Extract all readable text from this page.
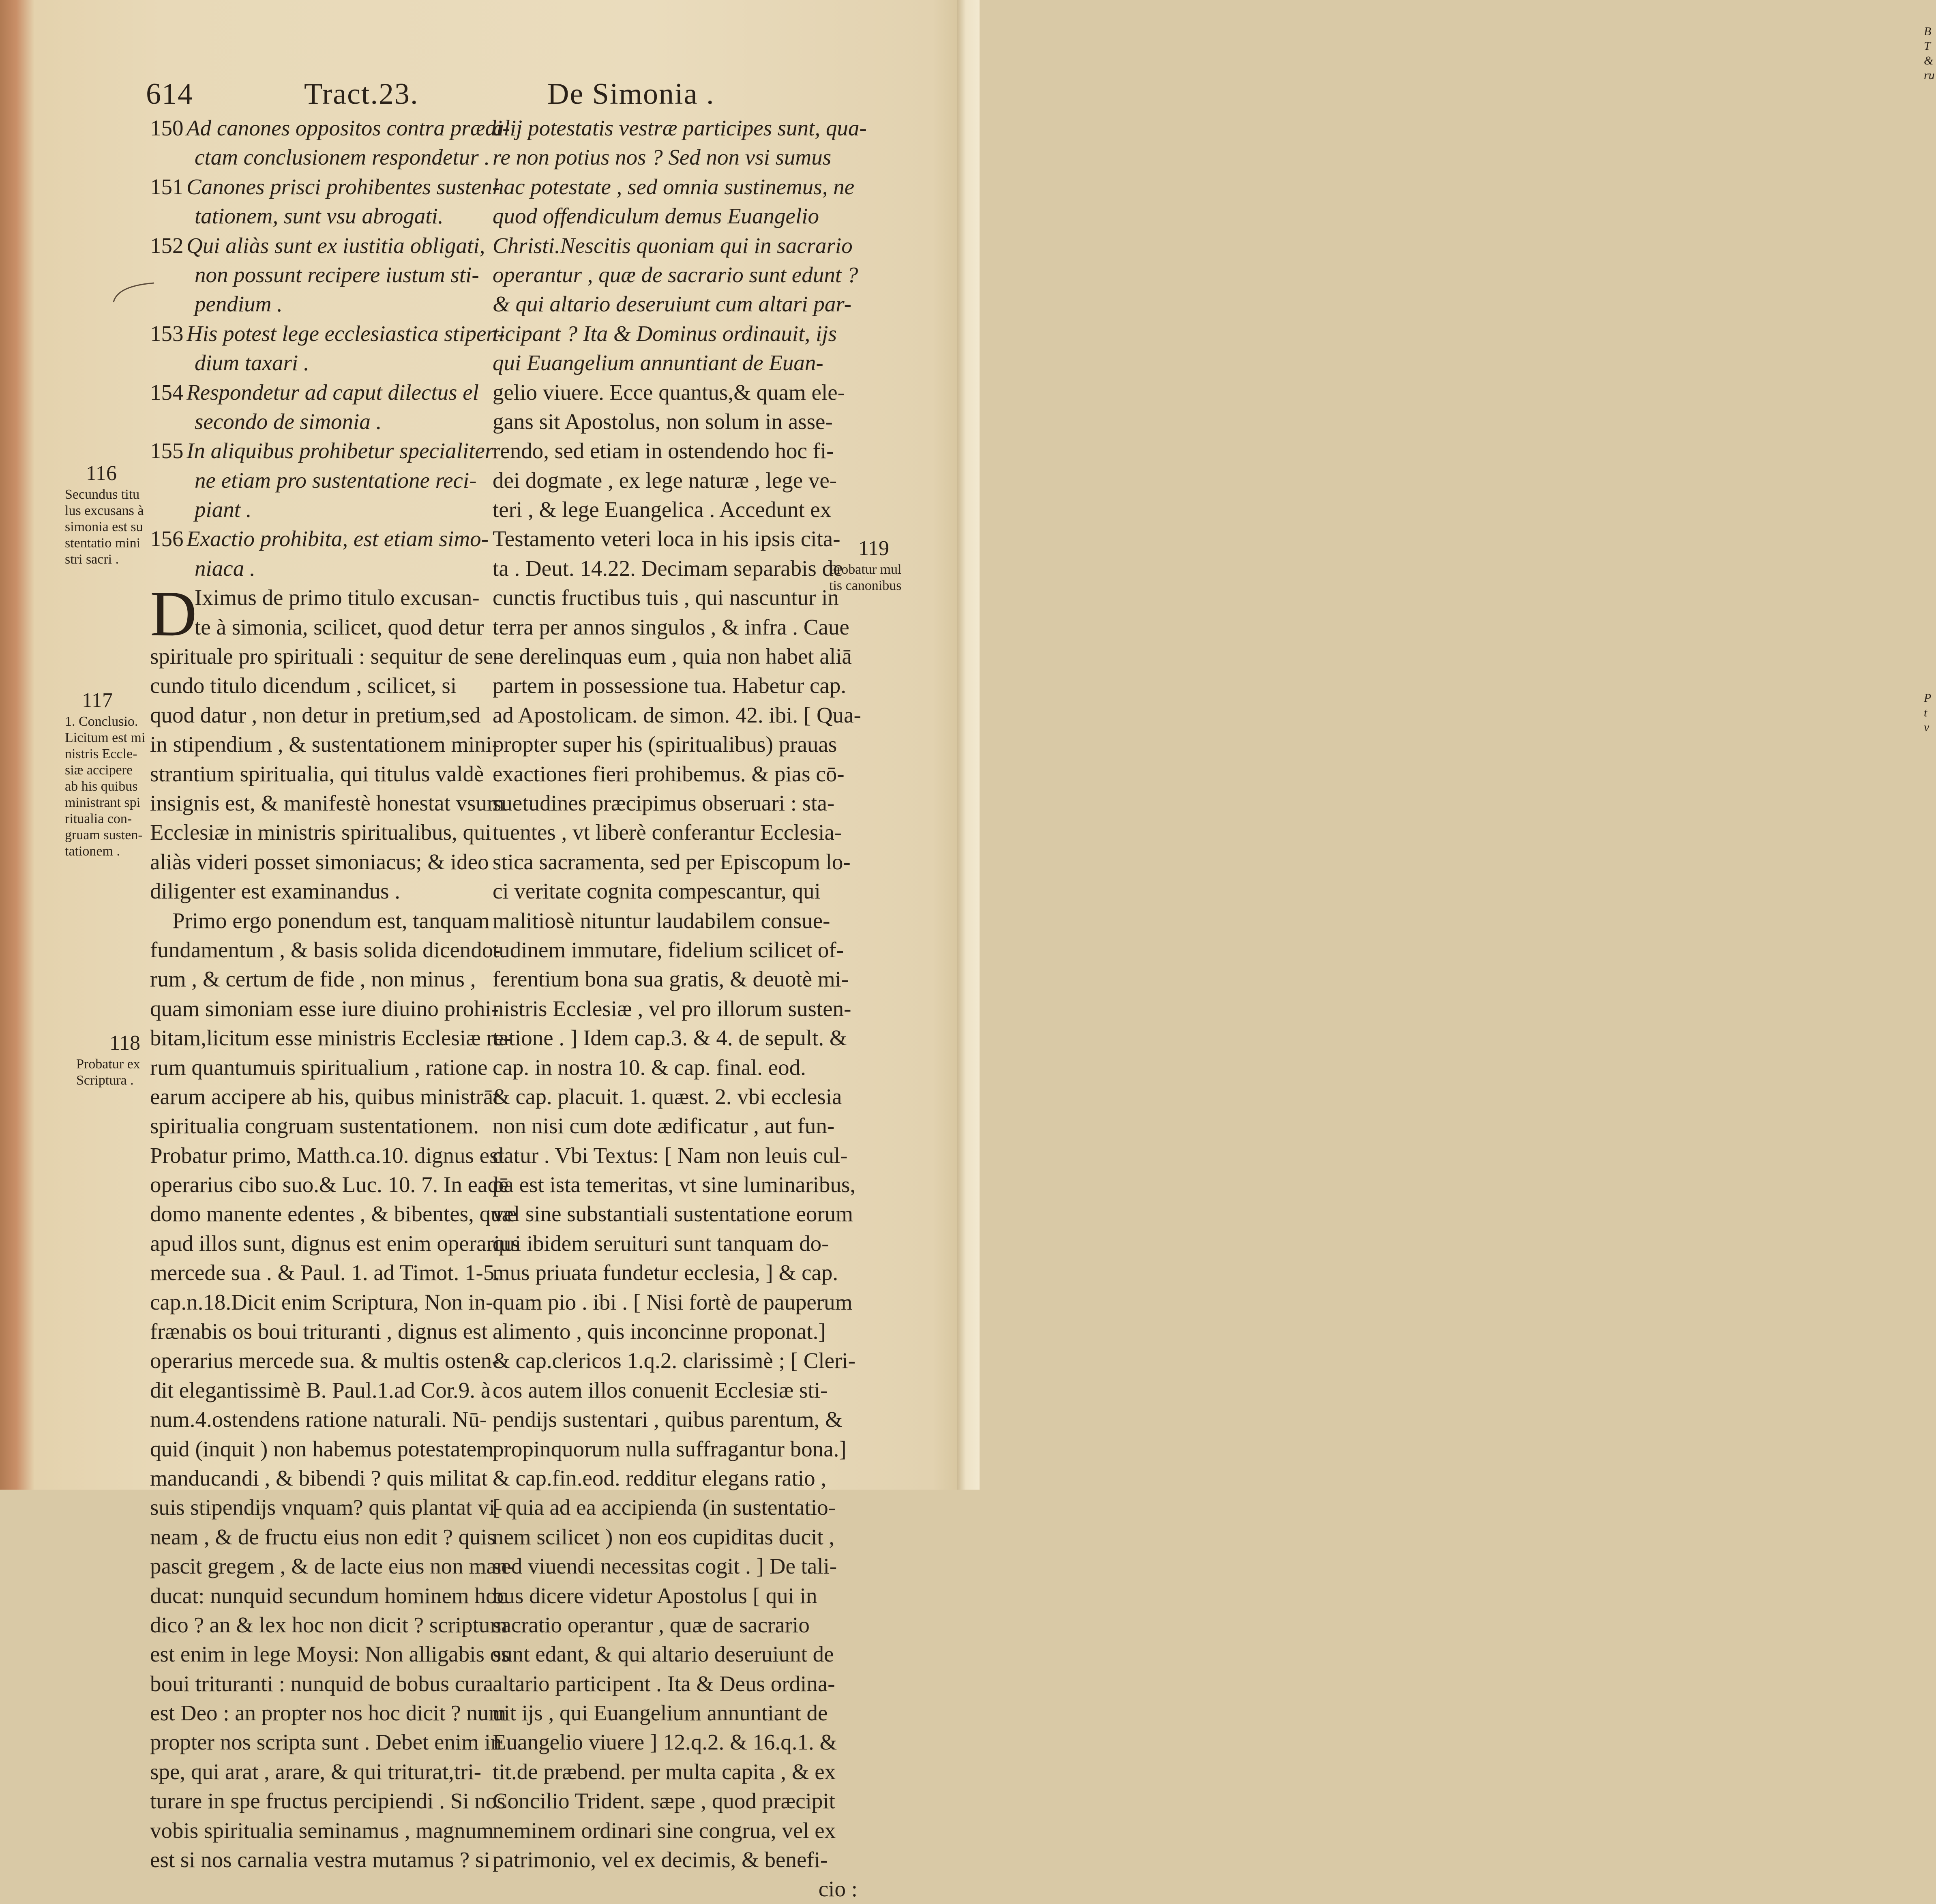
B
T
&
ru
P
t
v
614	Tract.23.	De Simonia .
150 Ad canones oppositos contra prædi-
ctam conclusionem respondetur .
151 Canones prisci prohibentes susten-
tationem, sunt vsu abrogati.
152 Qui aliàs sunt ex iustitia obligati,
non possunt recipere iustum sti-
pendium .
153 His potest lege ecclesiastica stipen-
dium taxari .
154 Respondetur ad caput dilectus el
secondo de simonia .
155 In aliquibus prohibetur specialiter
ne etiam pro sustentatione reci-
piant .
156 Exactio prohibita, est etiam simo-
niaca .
D
Iximus de primo titulo excusan-
te à simonia, scilicet, quod detur
spirituale pro spirituali : sequitur de se-
cundo titulo dicendum , scilicet, si
quod datur , non detur in pretium,sed
in stipendium , & sustentationem mini-
strantium spiritualia, qui titulus valdè
insignis est, & manifestè honestat vsum
Ecclesiæ in ministris spiritualibus, qui
aliàs videri posset simoniacus; & ideo
diligenter est examinandus .
Primo ergo ponendum est, tanquam
fundamentum , & basis solida dicendo-
rum , & certum de fide , non minus ,
quam simoniam esse iure diuino prohi-
bitam,licitum esse ministris Ecclesiæ re-
rum quantumuis spiritualium , ratione
earum accipere ab his, quibus ministrāt
spiritualia congruam sustentationem.
Probatur primo, Matth.ca.10. dignus est
operarius cibo suo.& Luc. 10. 7. In eadē
domo manente edentes , & bibentes, quæ
apud illos sunt, dignus est enim operarius
mercede sua . & Paul. 1. ad Timot. 1-5.
cap.n.18.Dicit enim Scriptura, Non in-
frænabis os boui trituranti , dignus est
operarius mercede sua. & multis osten-
dit elegantissimè B. Paul.1.ad Cor.9. à
num.4.ostendens ratione naturali. Nū-
quid (inquit ) non habemus potestatem
manducandi , & bibendi ? quis militat
suis stipendijs vnquam? quis plantat vi-
neam , & de fructu eius non edit ? quis
pascit gregem , & de lacte eius non man-
ducat: nunquid secundum hominem hoc
dico ? an & lex hoc non dicit ? scriptum
est enim in lege Moysi: Non alligabis os
boui trituranti : nunquid de bobus cura
est Deo : an propter nos hoc dicit ? num
propter nos scripta sunt . Debet enim in
spe, qui arat , arare, & qui triturat,tri-
turare in spe fructus percipiendi . Si nos
vobis spiritualia seminamus , magnum
est si nos carnalia vestra mutamus ? si
alij potestatis vestræ participes sunt, qua-
re non potius nos ? Sed non vsi sumus
hac potestate , sed omnia sustinemus, ne
quod offendiculum demus Euangelio
Christi.Nescitis quoniam qui in sacrario
operantur , quæ de sacrario sunt edunt ?
& qui altario deseruiunt cum altari par-
ticipant ? Ita & Dominus ordinauit, ijs
qui Euangelium annuntiant de Euan-
gelio viuere. Ecce quantus,& quam ele-
gans sit Apostolus, non solum in asse-
rendo, sed etiam in ostendendo hoc fi-
dei dogmate , ex lege naturæ , lege ve-
teri , & lege Euangelica . Accedunt ex
Testamento veteri loca in his ipsis cita-
ta . Deut. 14.22. Decimam separabis de
cunctis fructibus tuis , qui nascuntur in
terra per annos singulos , & infra . Caue
ne derelinquas eum , quia non habet aliā
partem in possessione tua. Habetur cap.
ad Apostolicam. de simon. 42. ibi. [ Qua-
propter super his (spiritualibus) prauas
exactiones fieri prohibemus. & pias cō-
suetudines præcipimus obseruari : sta-
tuentes , vt liberè conferantur Ecclesia-
stica sacramenta, sed per Episcopum lo-
ci veritate cognita compescantur, qui
malitiosè nituntur laudabilem consue-
tudinem immutare, fidelium scilicet of-
ferentium bona sua gratis, & deuotè mi-
nistris Ecclesiæ , vel pro illorum susten-
tatione . ] Idem cap.3. & 4. de sepult. &
cap. in nostra 10. & cap. final. eod.
& cap. placuit. 1. quæst. 2. vbi ecclesia
non nisi cum dote ædificatur , aut fun-
datur . Vbi Textus: [ Nam non leuis cul-
pa est ista temeritas, vt sine luminaribus,
vel sine substantiali sustentatione eorum
qui ibidem seruituri sunt tanquam do-
mus priuata fundetur ecclesia, ] & cap.
quam pio . ibi . [ Nisi fortè de pauperum
alimento , quis inconcinne proponat.]
& cap.clericos 1.q.2. clarissimè ; [ Cleri-
cos autem illos conuenit Ecclesiæ sti-
pendijs sustentari , quibus parentum, &
propinquorum nulla suffragantur bona.]
& cap.fin.eod. redditur elegans ratio ,
[ quia ad ea accipienda (in sustentatio-
nem scilicet ) non eos cupiditas ducit ,
sed viuendi necessitas cogit . ] De tali-
bus dicere videtur Apostolus [ qui in
sacratio operantur , quæ de sacrario
sunt edant, & qui altario deseruiunt de
altario participent . Ita & Deus ordina-
uit ijs , qui Euangelium annuntiant de
Euangelio viuere ] 12.q.2. & 16.q.1. &
tit.de præbend. per multa capita , & ex
Concilio Trident. sæpe , quod præcipit
neminem ordinari sine congrua, vel ex
patrimonio, vel ex decimis, & benefi-
cio :
116
Secundus titu
lus excusans à
simonia est su
stentatio mini
stri sacri .
117
1. Conclusio.
Licitum est mi
nistris Eccle-
siæ accipere
ab his quibus
ministrant spi
ritualia con-
gruam susten-
tationem .
118
Probatur ex
Scriptura .
119
Probatur mul
tis canonibus
